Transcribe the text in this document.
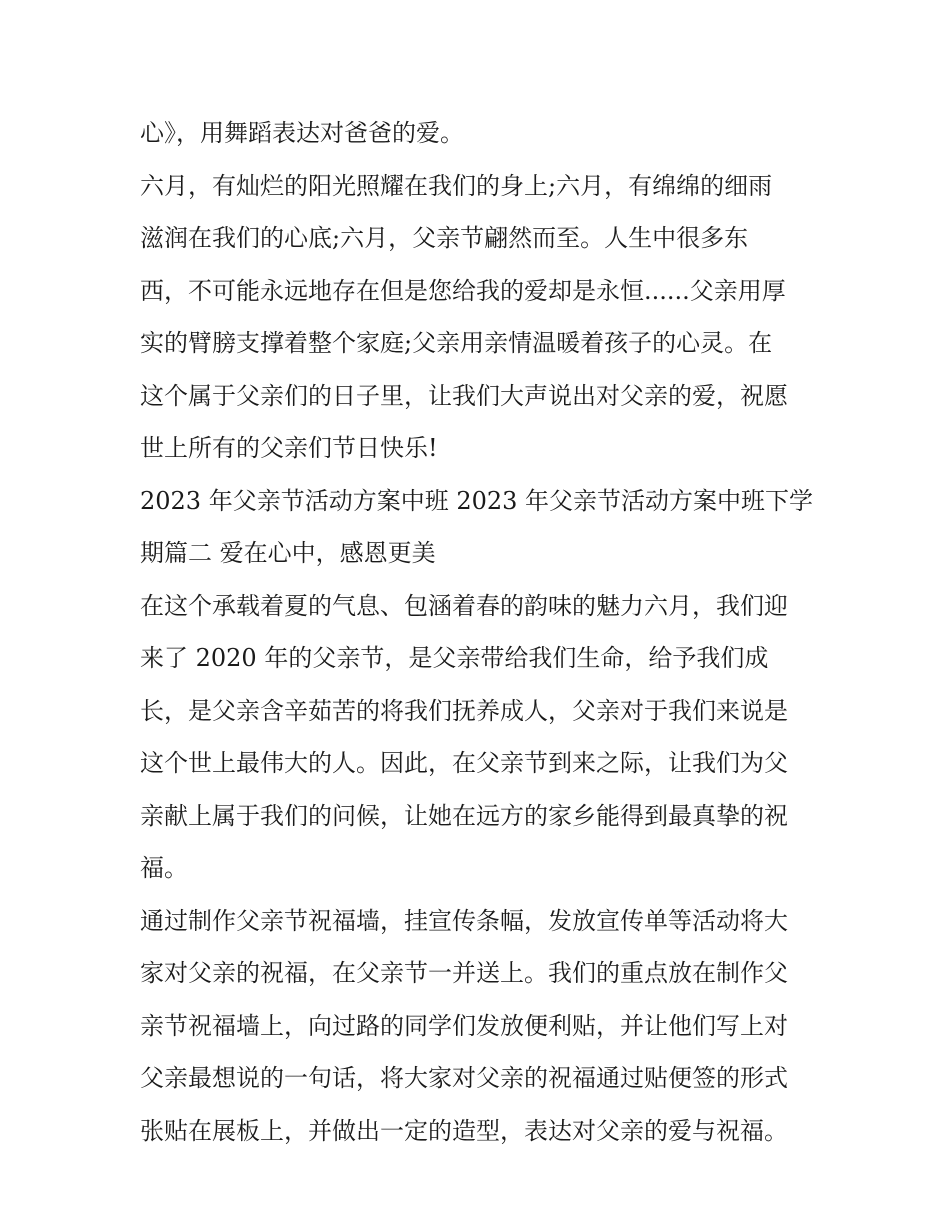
心》，用舞蹈表达对爸爸的爱。
六月，有灿烂的阳光照耀在我们的身上;六月，有绵绵的细雨
滋润在我们的心底;六月，父亲节翩然而至。人生中很多东
西，不可能永远地存在但是您给我的爱却是永恒......父亲用厚
实的臂膀支撑着整个家庭;父亲用亲情温暖着孩子的心灵。在
这个属于父亲们的日子里，让我们大声说出对父亲的爱，祝愿
世上所有的父亲们节日快乐!
2023 年父亲节活动方案中班 2023 年父亲节活动方案中班下学
期篇二 爱在心中，感恩更美
在这个承载着夏的气息、包涵着春的韵味的魅力六月，我们迎
来了 2020 年的父亲节，是父亲带给我们生命，给予我们成
长，是父亲含辛茹苦的将我们抚养成人，父亲对于我们来说是
这个世上最伟大的人。因此，在父亲节到来之际，让我们为父
亲献上属于我们的问候，让她在远方的家乡能得到最真挚的祝
福。
通过制作父亲节祝福墙，挂宣传条幅，发放宣传单等活动将大
家对父亲的祝福，在父亲节一并送上。我们的重点放在制作父
亲节祝福墙上，向过路的同学们发放便利贴，并让他们写上对
父亲最想说的一句话，将大家对父亲的祝福通过贴便签的形式
张贴在展板上，并做出一定的造型，表达对父亲的爱与祝福。
